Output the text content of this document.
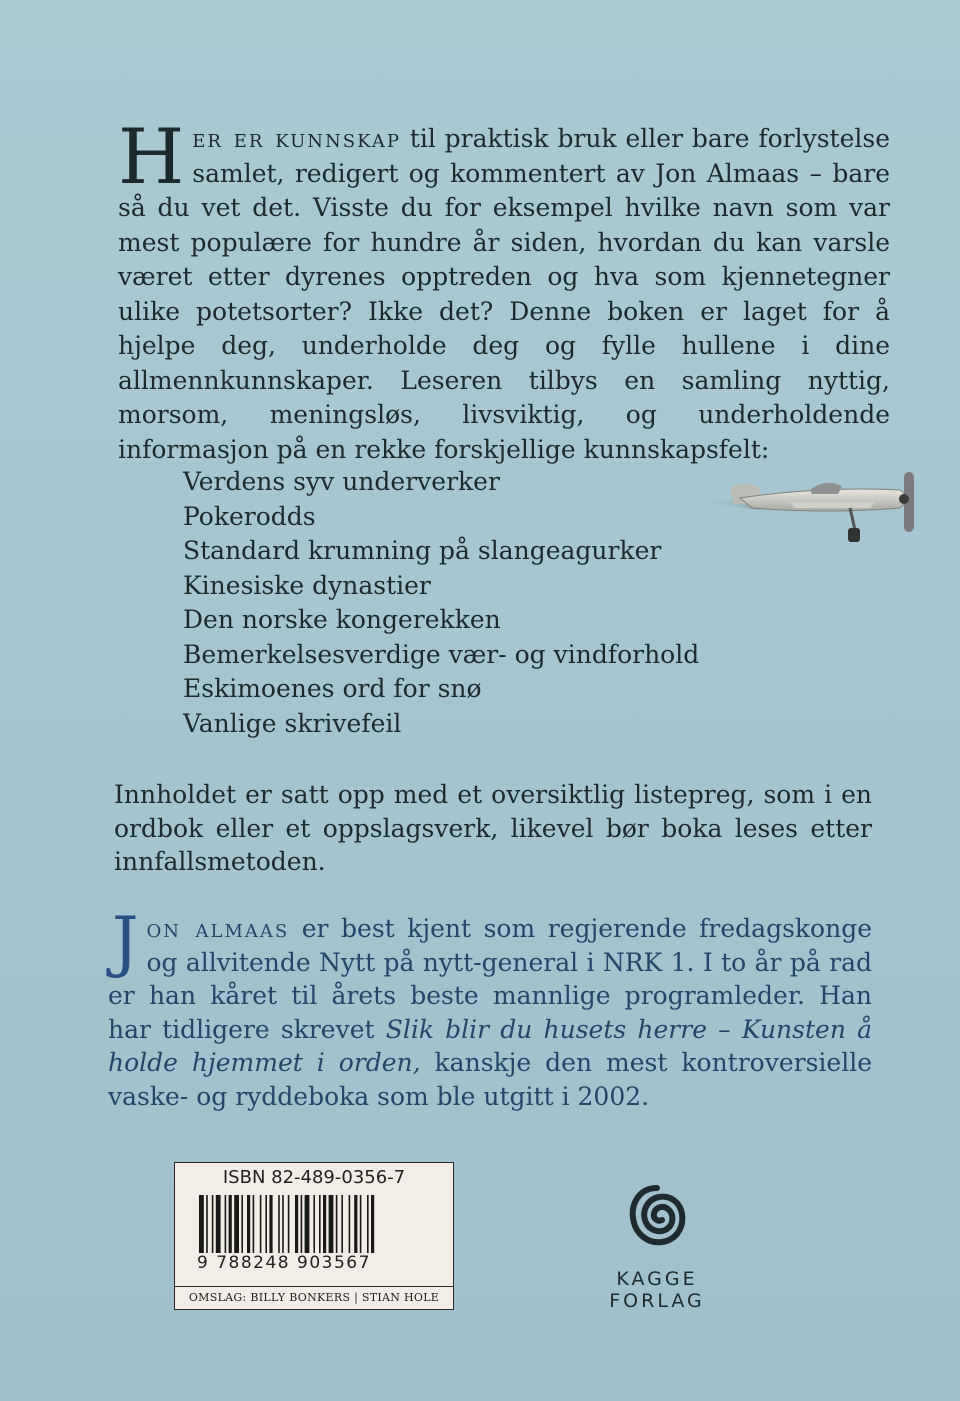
Her er kunnskap til praktisk bruk eller bare forlystelse samlet, redigert og kommentert av Jon Almaas – bare så du vet det. Visste du for eksempel hvilke navn som var mest populære for hundre år siden, hvordan du kan varsle været etter dyrenes opptreden og hva som kjennetegner ulike potetsorter? Ikke det? Denne boken er laget for å hjelpe deg, underholde deg og fylle hullene i dine allmennkunnskaper. Leseren tilbys en samling nyttig, morsom, meningsløs, livsviktig, og underholdende informasjon på en rekke forskjellige kunnskapsfelt:
Verdens syv underverker
Pokerodds
Standard krumning på slangeagurker
Kinesiske dynastier
Den norske kongerekken
Bemerkelsesverdige vær- og vindforhold
Eskimoenes ord for snø
Vanlige skrivefeil
Innholdet er satt opp med et oversiktlig listepreg, som i en ordbok eller et oppslagsverk, likevel bør boka leses etter innfallsmetoden.
Jon almaas er best kjent som regjerende fredagskonge og allvitende Nytt på nytt-general i NRK 1. I to år på rad er han kåret til årets beste mannlige programleder. Han har tidligere skrevet Slik blir du husets herre – Kunsten å holde hjemmet i orden, kanskje den mest kontroversielle vaske- og ryddeboka som ble utgitt i 2002.
ISBN 82-489-0356-7
9 788248 903567
OMSLAG: BILLY BONKERS | STIAN HOLE
KAGGE
FORLAG
